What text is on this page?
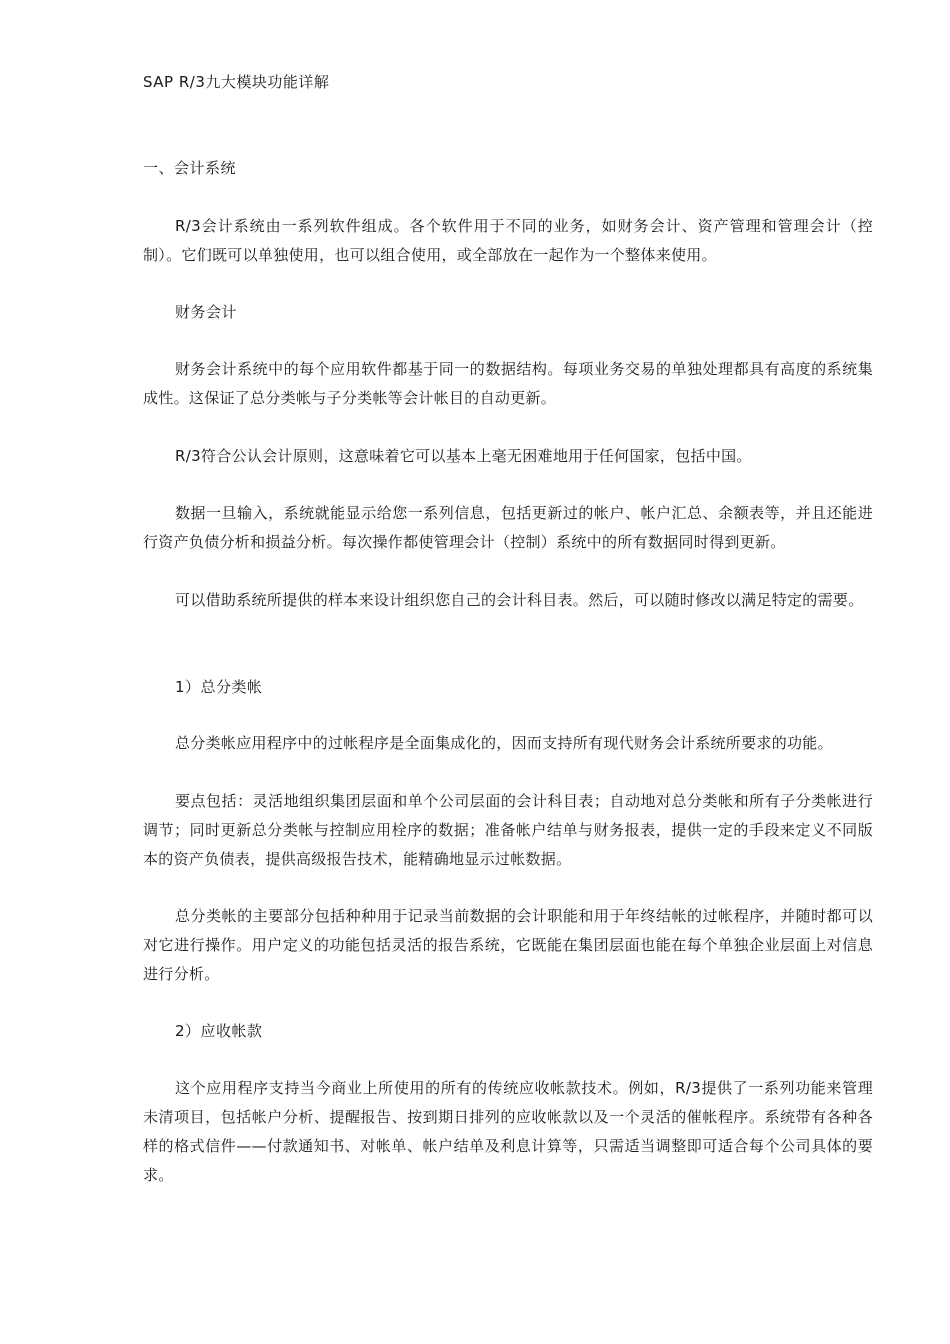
SAP R/3九大模块功能详解
一、会计系统
R/3会计系统由一系列软件组成。各个软件用于不同的业务，如财务会计、资产管理和管理会计（控制）。它们既可以单独使用，也可以组合使用，或全部放在一起作为一个整体来使用。
财务会计
财务会计系统中的每个应用软件都基于同一的数据结构。每项业务交易的单独处理都具有高度的系统集成性。这保证了总分类帐与子分类帐等会计帐目的自动更新。
R/3符合公认会计原则，这意味着它可以基本上毫无困难地用于任何国家，包括中国。
数据一旦输入，系统就能显示给您一系列信息，包括更新过的帐户、帐户汇总、余额表等，并且还能进行资产负债分析和损益分析。每次操作都使管理会计（控制）系统中的所有数据同时得到更新。
可以借助系统所提供的样本来设计组织您自己的会计科目表。然后，可以随时修改以满足特定的需要。
1）总分类帐
总分类帐应用程序中的过帐程序是全面集成化的，因而支持所有现代财务会计系统所要求的功能。
要点包括：灵活地组织集团层面和单个公司层面的会计科目表；自动地对总分类帐和所有子分类帐进行调节；同时更新总分类帐与控制应用栓序的数据；准备帐户结单与财务报表，提供一定的手段来定义不同版本的资产负债表，提供高级报告技术，能精确地显示过帐数据。
总分类帐的主要部分包括种种用于记录当前数据的会计职能和用于年终结帐的过帐程序，并随时都可以对它进行操作。用户定义的功能包括灵活的报告系统，它既能在集团层面也能在每个单独企业层面上对信息进行分析。
2）应收帐款
这个应用程序支持当今商业上所使用的所有的传统应收帐款技术。例如，R/3提供了一系列功能来管理未清项目，包括帐户分析、提醒报告、按到期日排列的应收帐款以及一个灵活的催帐程序。系统带有各种各样的格式信件——付款通知书、对帐单、帐户结单及利息计算等，只需适当调整即可适合每个公司具体的要求。
